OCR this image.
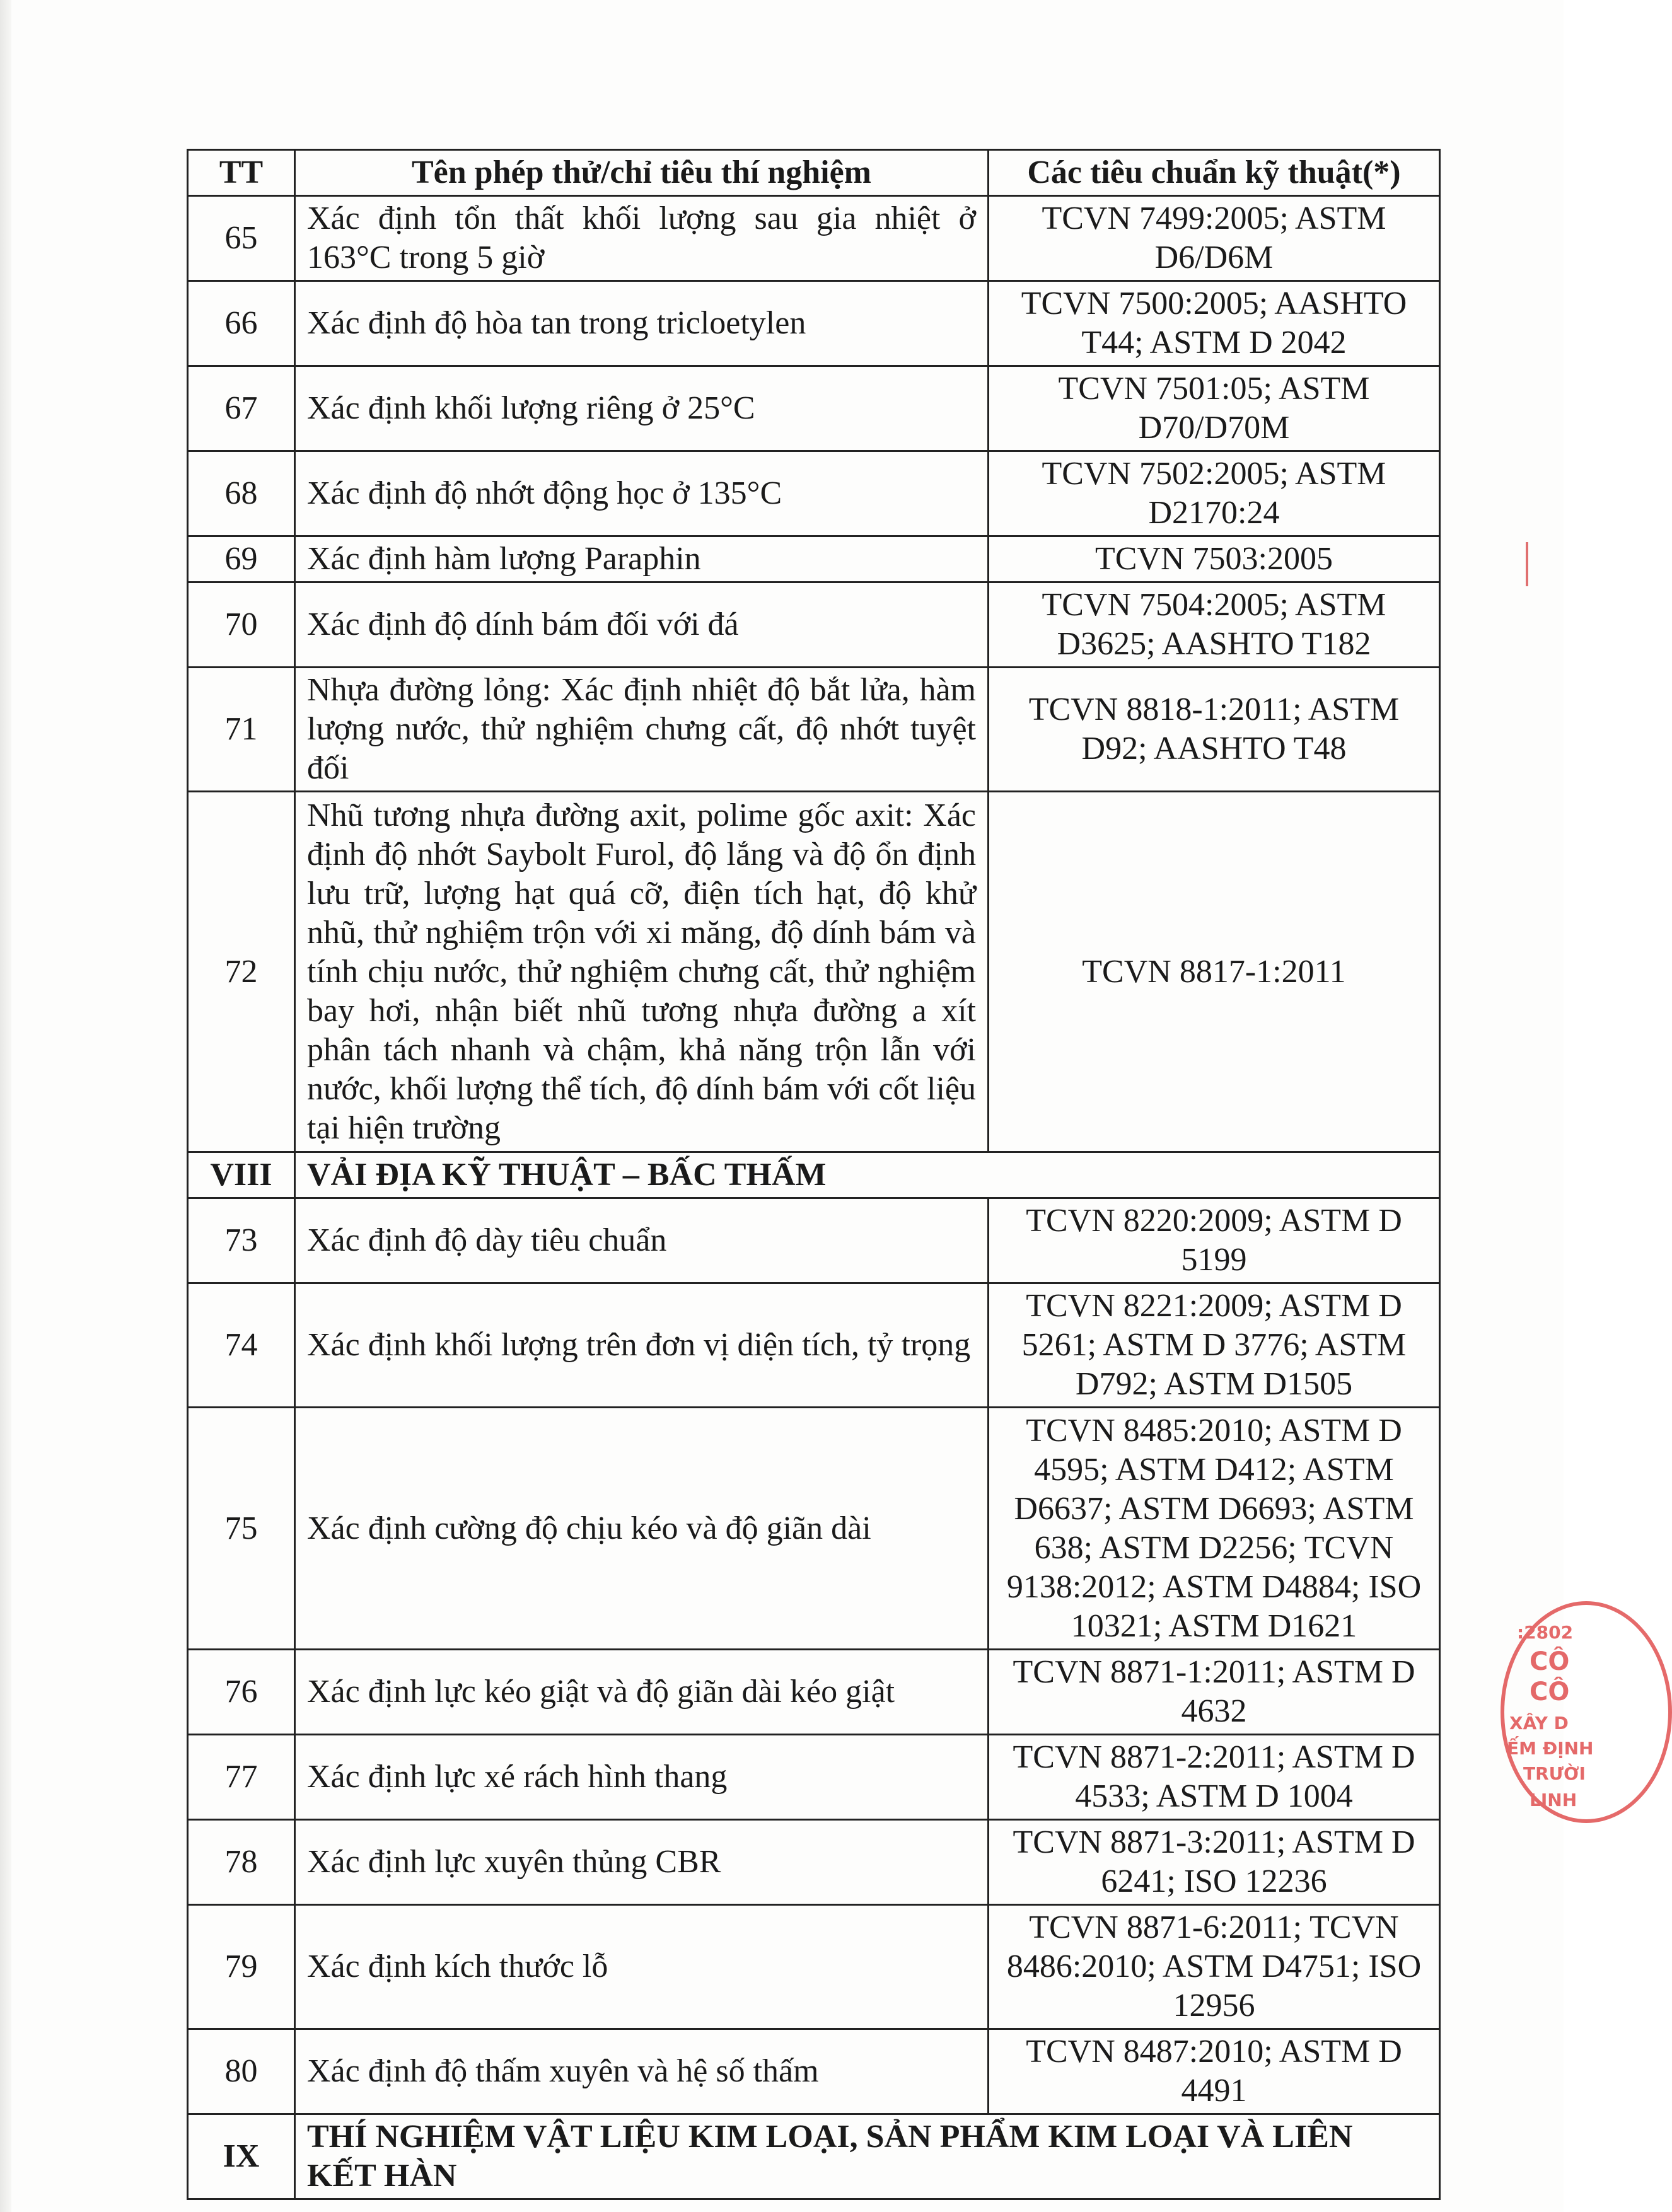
TT	Tên phép thử/chỉ tiêu thí nghiệm	Các tiêu chuẩn kỹ thuật(*)
65	Xác định tổn thất khối lượng sau gia nhiệt ở 163°C trong 5 giờ	TCVN 7499:2005; ASTM D6/D6M
66	Xác định độ hòa tan trong tricloetylen	TCVN 7500:2005; AASHTO T44; ASTM D 2042
67	Xác định khối lượng riêng ở 25°C	TCVN 7501:05; ASTM D70/D70M
68	Xác định độ nhớt động học ở 135°C	TCVN 7502:2005; ASTM D2170:24
69	Xác định hàm lượng Paraphin	TCVN 7503:2005
70	Xác định độ dính bám đối với đá	TCVN 7504:2005; ASTM D3625; AASHTO T182
71	Nhựa đường lỏng: Xác định nhiệt độ bắt lửa, hàm lượng nước, thử nghiệm chưng cất, độ nhớt tuyệt đối	TCVN 8818-1:2011; ASTM D92; AASHTO T48
72	Nhũ tương nhựa đường axit, polime gốc axit: Xác định độ nhớt Saybolt Furol, độ lắng và độ ổn định lưu trữ, lượng hạt quá cỡ, điện tích hạt, độ khử nhũ, thử nghiệm trộn với xi măng, độ dính bám và tính chịu nước, thử nghiệm chưng cất, thử nghiệm bay hơi, nhận biết nhũ tương nhựa đường a xít phân tách nhanh và chậm, khả năng trộn lẫn với nước, khối lượng thể tích, độ dính bám với cốt liệu tại hiện trường	TCVN 8817-1:2011
VIII	VẢI ĐỊA KỸ THUẬT – BẤC THẤM	
73	Xác định độ dày tiêu chuẩn	TCVN 8220:2009; ASTM D 5199
74	Xác định khối lượng trên đơn vị diện tích, tỷ trọng	TCVN 8221:2009; ASTM D 5261; ASTM D 3776; ASTM D792; ASTM D1505
75	Xác định cường độ chịu kéo và độ giãn dài	TCVN 8485:2010; ASTM D 4595; ASTM D412; ASTM D6637; ASTM D6693; ASTM 638; ASTM D2256; TCVN 9138:2012; ASTM D4884; ISO 10321; ASTM D1621
76	Xác định lực kéo giật và độ giãn dài kéo giật	TCVN 8871-1:2011; ASTM D 4632
77	Xác định lực xé rách hình thang	TCVN 8871-2:2011; ASTM D 4533; ASTM D 1004
78	Xác định lực xuyên thủng CBR	TCVN 8871-3:2011; ASTM D 6241; ISO 12236
79	Xác định kích thước lỗ	TCVN 8871-6:2011; TCVN 8486:2010; ASTM D4751; ISO 12956
80	Xác định độ thấm xuyên và hệ số thấm	TCVN 8487:2010; ASTM D 4491
IX	THÍ NGHIỆM VẬT LIỆU KIM LOẠI, SẢN PHẨM KIM LOẠI VÀ LIÊN KẾT HÀN	
:2802
CÔ
CÔ
XÂY D
ẾM ĐỊNH
TRƯỜI
LINH
